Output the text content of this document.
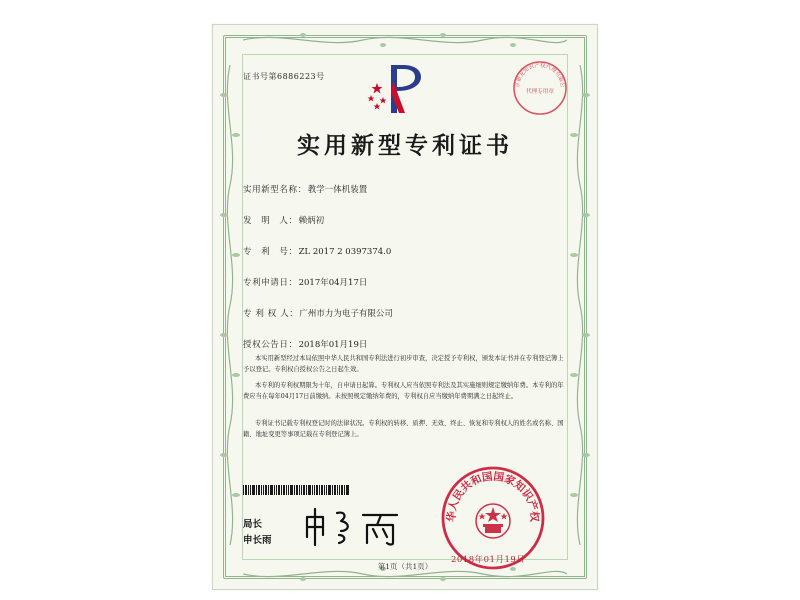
证书号第6886223号
京银龙知识产权代理有限公
代理专用章
实用新型专利证书
实用新型名称：教学一体机装置
发　明　人：赖炳初
专　利　号：ZL 2017 2 0397374.0
专利申请日：2017年04月17日
专 利 权 人：广州市力为电子有限公司
授权公告日：2018年01月19日
本实用新型经过本局依照中华人民共和国专利法进行初步审查，决定授予专利权，颁发本证书并在专利登记簿上予以登记。专利权自授权公告之日起生效。
本专利的专利权期限为十年，自申请日起算。专利权人应当依照专利法及其实施细则规定缴纳年费。本专利的年费应当在每年04月17日前缴纳。未按照规定缴纳年费的，专利权自应当缴纳年费期满之日起终止。
专利证书记载专利权登记时的法律状况。专利权的转移、质押、无效、终止、恢复和专利权人的姓名或名称、国籍、地址变更等事项记载在专利登记簿上。
局长
申长雨
华人民共和国国家知识产权
2018年01月19日
第1页（共1页）
